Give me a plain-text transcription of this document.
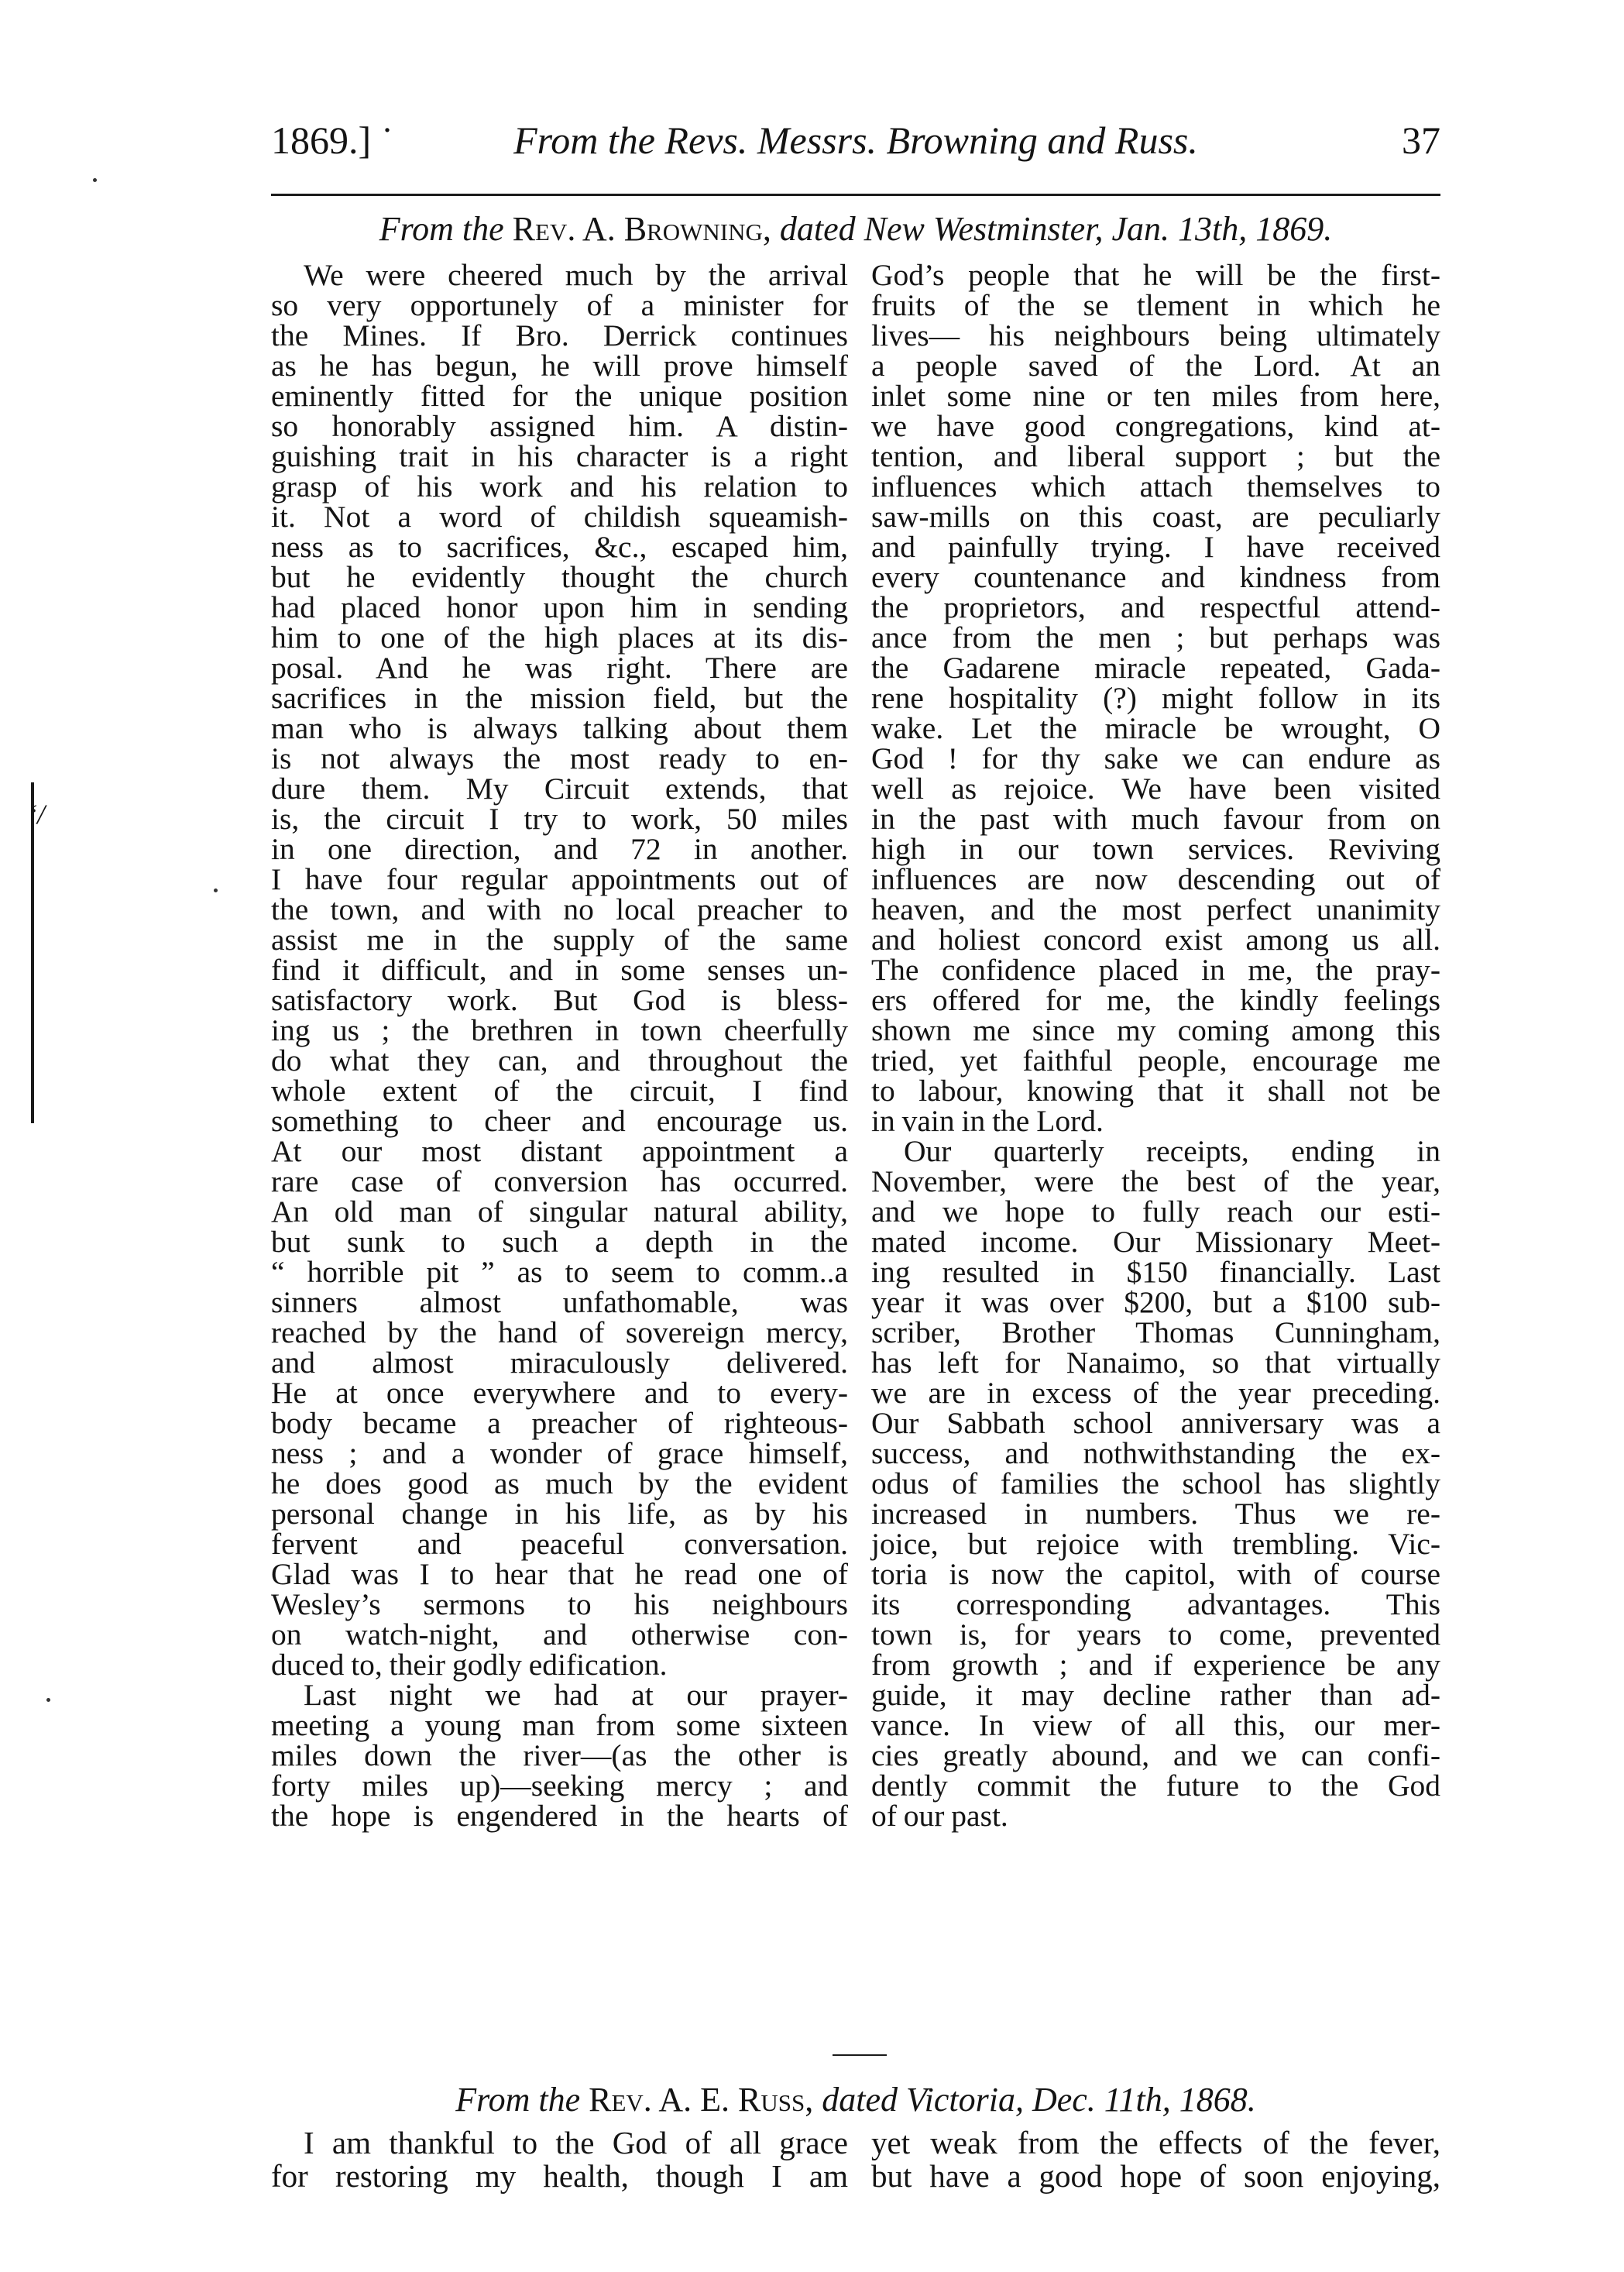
1869.] ˙	From the Revs. Messrs. Browning and Russ.	37
From the Rev. A. Browning, dated New Westminster, Jan. 13th, 1869.
We were cheered much by the arrival
so very opportunely of a minister for
the Mines. If Bro. Derrick continues
as he has begun, he will prove himself
eminently fitted for the unique position
so honorably assigned him. A distin-
guishing trait in his character is a right
grasp of his work and his relation to
it. Not a word of childish squeamish-
ness as to sacrifices, &c., escaped him,
but he evidently thought the church
had placed honor upon him in sending
him to one of the high places at its dis-
posal. And he was right. There are
sacrifices in the mission field, but the
man who is always talking about them
is not always the most ready to en-
dure them. My Circuit extends, that
is, the circuit I try to work, 50 miles
in one direction, and 72 in another.
I have four regular appointments out of
the town, and with no local preacher to
assist me in the supply of the same
find it difficult, and in some senses un-
satisfactory work. But God is bless-
ing us ; the brethren in town cheerfully
do what they can, and throughout the
whole extent of the circuit, I find
something to cheer and encourage us.
At our most distant appointment a
rare case of conversion has occurred.
An old man of singular natural ability,
but sunk to such a depth in the
“ horrible pit ” as to seem to comm..a
sinners almost unfathomable, was
reached by the hand of sovereign mercy,
and almost miraculously delivered.
He at once everywhere and to every-
body became a preacher of righteous-
ness ; and a wonder of grace himself,
he does good as much by the evident
personal change in his life, as by his
fervent and peaceful conversation.
Glad was I to hear that he read one of
Wesley’s sermons to his neighbours
on watch-night, and otherwise con-
duced to, their godly edification.
Last night we had at our prayer-
meeting a young man from some sixteen
miles down the river—(as the other is
forty miles up)—seeking mercy ; and
the hope is engendered in the hearts of
God’s people that he will be the first-
fruits of the se tlement in which he
lives— his neighbours being ultimately
a people saved of the Lord. At an
inlet some nine or ten miles from here,
we have good congregations, kind at-
tention, and liberal support ; but the
influences which attach themselves to
saw-mills on this coast, are peculiarly
and painfully trying. I have received
every countenance and kindness from
the proprietors, and respectful attend-
ance from the men ; but perhaps was
the Gadarene miracle repeated, Gada-
rene hospitality (?) might follow in its
wake. Let the miracle be wrought, O
God ! for thy sake we can endure as
well as rejoice. We have been visited
in the past with much favour from on
high in our town services. Reviving
influences are now descending out of
heaven, and the most perfect unanimity
and holiest concord exist among us all.
The confidence placed in me, the pray-
ers offered for me, the kindly feelings
shown me since my coming among this
tried, yet faithful people, encourage me
to labour, knowing that it shall not be
in vain in the Lord.
Our quarterly receipts, ending in
November, were the best of the year,
and we hope to fully reach our esti-
mated income. Our Missionary Meet-
ing resulted in $150 financially. Last
year it was over $200, but a $100 sub-
scriber, Brother Thomas Cunningham,
has left for Nanaimo, so that virtually
we are in excess of the year preceding.
Our Sabbath school anniversary was a
success, and nothwithstanding the ex-
odus of families the school has slightly
increased in numbers. Thus we re-
joice, but rejoice with trembling. Vic-
toria is now the capitol, with of course
its corresponding advantages. This
town is, for years to come, prevented
from growth ; and if experience be any
guide, it may decline rather than ad-
vance. In view of all this, our mer-
cies greatly abound, and we can confi-
dently commit the future to the God
of our past.
From the Rev. A. E. Russ, dated Victoria, Dec. 11th, 1868.
I am thankful to the God of all grace
for restoring my health, though I am
yet weak from the effects of the fever,
but have a good hope of soon enjoying,
ʻ/
